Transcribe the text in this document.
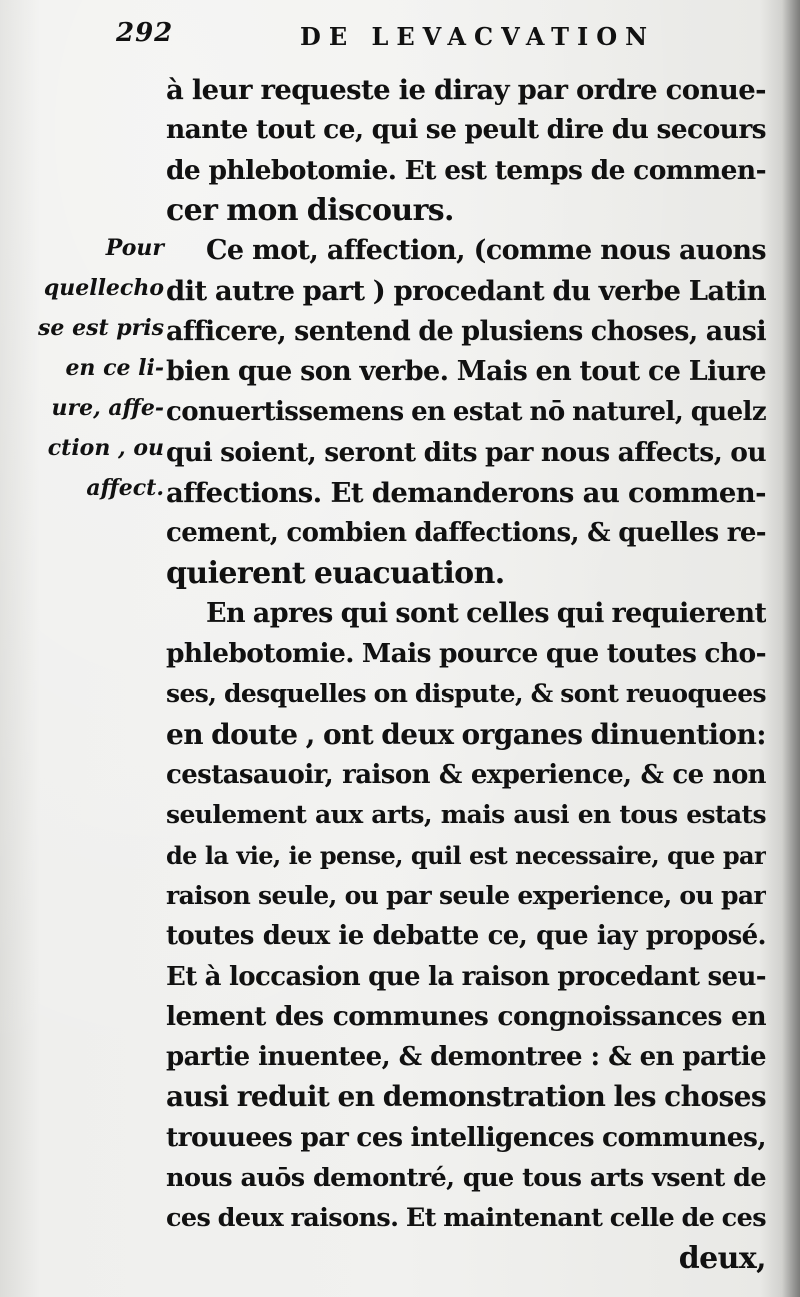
292	DE LEVACVATION
Pour
quellecho
se est pris
en ce li-
ure, affe-
ction , ou
affect.
à leur requeste ie diray par ordre conue-
nante tout ce, qui se peult dire du secours
de phlebotomie. Et est temps de commen-
cer mon discours.
Ce mot, affection, (comme nous auons
dit autre part ) procedant du verbe Latin
afficere, sentend de plusiens choses, ausi
bien que son verbe. Mais en tout ce Liure
conuertissemens en estat nō naturel, quelz
qui soient, seront dits par nous affects, ou
affections. Et demanderons au commen-
cement, combien daffections, & quelles re-
quierent euacuation.
En apres qui sont celles qui requierent
phlebotomie. Mais pource que toutes cho-
ses, desquelles on dispute, & sont reuoquees
en doute , ont deux organes dinuention:
cestasauoir, raison & experience, & ce non
seulement aux arts, mais ausi en tous estats
de la vie, ie pense, quil est necessaire, que par
raison seule, ou par seule experience, ou par
toutes deux ie debatte ce, que iay proposé.
Et à loccasion que la raison procedant seu-
lement des communes congnoissances en
partie inuentee, & demontree : & en partie
ausi reduit en demonstration les choses
trouuees par ces intelligences communes,
nous auōs demontré, que tous arts vsent de
ces deux raisons. Et maintenant celle de ces
deux,
